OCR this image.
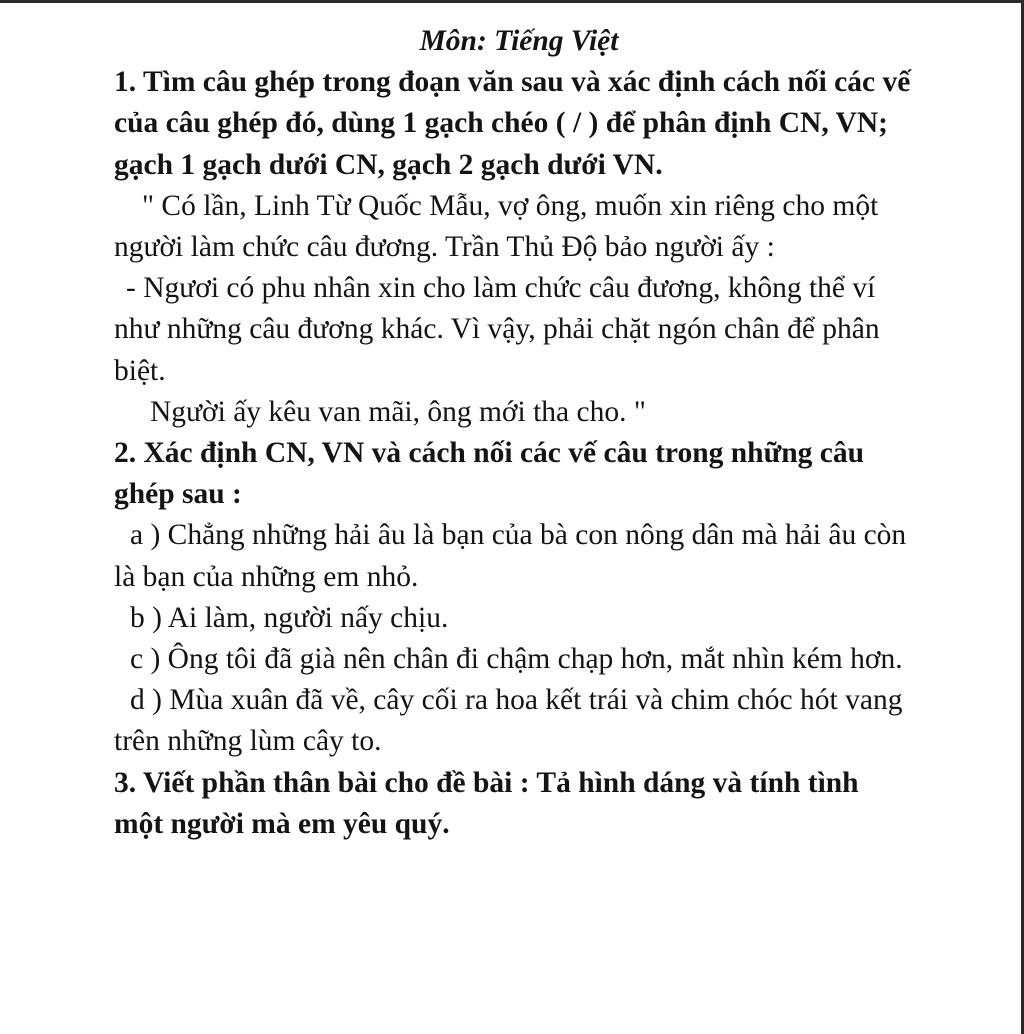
Môn: Tiếng Việt

1. Tìm câu ghép trong đoạn văn sau và xác định cách nối các vế của câu ghép đó, dùng 1 gạch chéo ( / ) để phân định CN, VN; gạch 1 gạch dưới CN, gạch 2 gạch dưới VN.

" Có lần, Linh Từ Quốc Mẫu, vợ ông, muốn xin riêng cho một người làm chức câu đương. Trần Thủ Độ bảo người ấy :

- Ngươi có phu nhân xin cho làm chức câu đương, không thể ví như những câu đương khác. Vì vậy, phải chặt ngón chân để phân biệt.

Người ấy kêu van mãi, ông mới tha cho. "

2. Xác định CN, VN và cách nối các vế câu trong những câu ghép sau :

a ) Chẳng những hải âu là bạn của bà con nông dân mà hải âu còn là bạn của những em nhỏ.

b ) Ai làm, người nấy chịu.

c ) Ông tôi đã già nên chân đi chậm chạp hơn, mắt nhìn kém hơn.

d ) Mùa xuân đã về, cây cối ra hoa kết trái và chim chóc hót vang trên những lùm cây to.

3. Viết phần thân bài cho đề bài : Tả hình dáng và tính tình một người mà em yêu quý.
